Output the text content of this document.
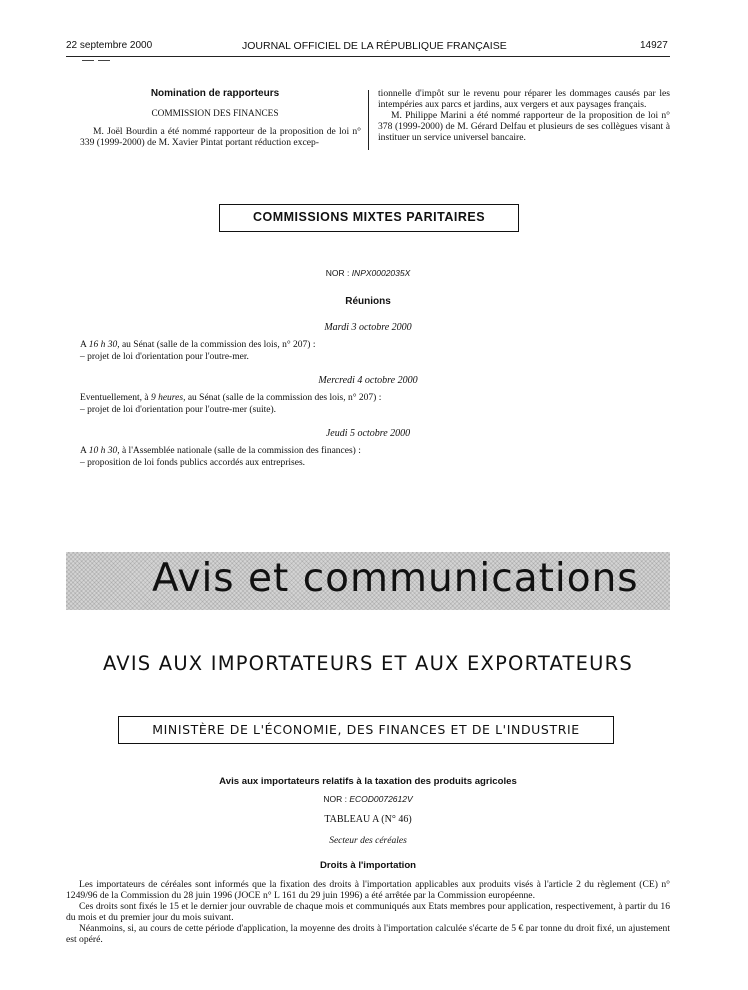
22 septembre 2000	JOURNAL OFFICIEL DE LA RÉPUBLIQUE FRANÇAISE	14927
Nomination de rapporteurs
COMMISSION DES FINANCES

M. Joël Bourdin a été nommé rapporteur de la proposition de loi n° 339 (1999-2000) de M. Xavier Pintat portant réduction excep-

tionnelle d'impôt sur le revenu pour réparer les dommages causés par les intempéries aux parcs et jardins, aux vergers et aux paysages français.

M. Philippe Marini a été nommé rapporteur de la proposition de loi n° 378 (1999-2000) de M. Gérard Delfau et plusieurs de ses collègues visant à instituer un service universel bancaire.

COMMISSIONS MIXTES PARITAIRES
NOR : INPX0002035X
Réunions
Mardi 3 octobre 2000
A 16 h 30, au Sénat (salle de la commission des lois, n° 207) :
– projet de loi d'orientation pour l'outre-mer.
Mercredi 4 octobre 2000
Eventuellement, à 9 heures, au Sénat (salle de la commission des lois, n° 207) :
– projet de loi d'orientation pour l'outre-mer (suite).
Jeudi 5 octobre 2000
A 10 h 30, à l'Assemblée nationale (salle de la commission des finances) :
– proposition de loi fonds publics accordés aux entreprises.
Avis et communications
AVIS AUX IMPORTATEURS ET AUX EXPORTATEURS
MINISTÈRE DE L'ÉCONOMIE, DES FINANCES ET DE L'INDUSTRIE
Avis aux importateurs relatifs à la taxation des produits agricoles
NOR : ECOD0072612V
TABLEAU A (N° 46)
Secteur des céréales
Droits à l'importation

Les importateurs de céréales sont informés que la fixation des droits à l'importation applicables aux produits visés à l'article 2 du règlement (CE) n° 1249/96 de la Commission du 28 juin 1996 (JOCE n° L 161 du 29 juin 1996) a été arrêtée par la Commission européenne.

Ces droits sont fixés le 15 et le dernier jour ouvrable de chaque mois et communiqués aux Etats membres pour application, respectivement, à partir du 16 du mois et du premier jour du mois suivant.

Néanmoins, si, au cours de cette période d'application, la moyenne des droits à l'importation calculée s'écarte de 5 € par tonne du droit fixé, un ajustement est opéré.
